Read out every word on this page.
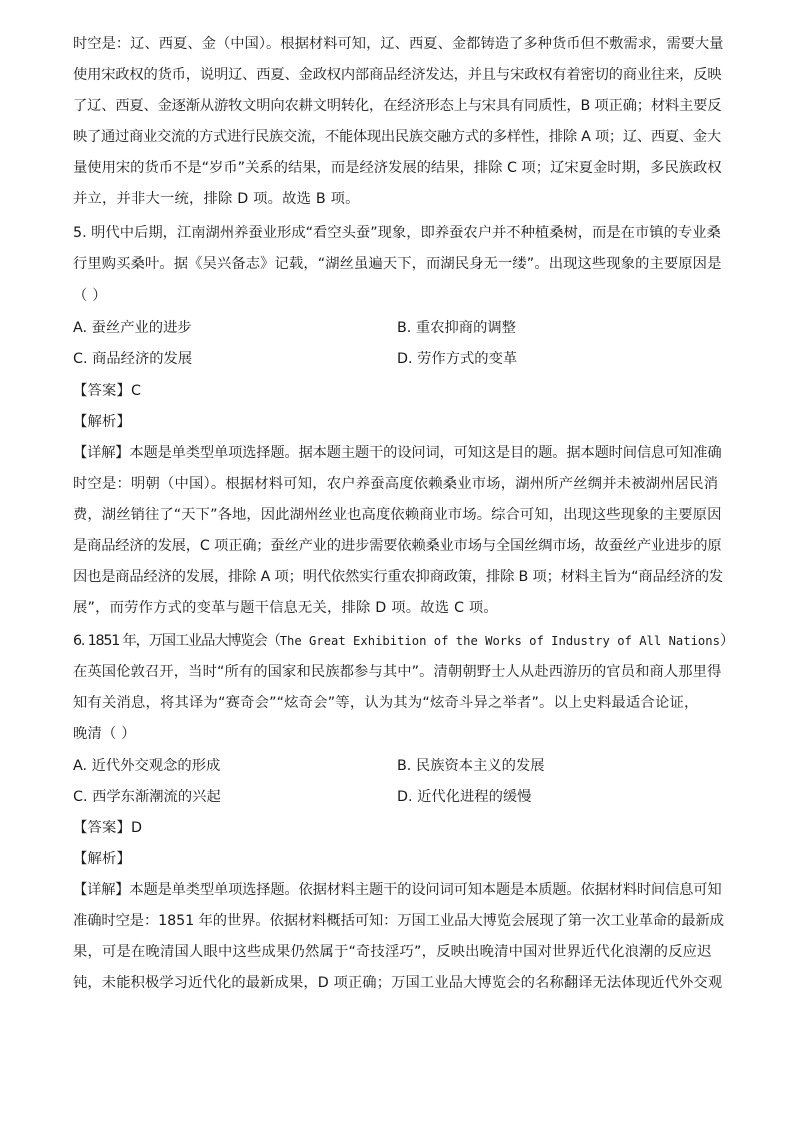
时空是：辽、西夏、金（中国）。根据材料可知，辽、西夏、金都铸造了多种货币但不敷需求，需要大量
使用宋政权的货币，说明辽、西夏、金政权内部商品经济发达，并且与宋政权有着密切的商业往来，反映
了辽、西夏、金逐渐从游牧文明向农耕文明转化，在经济形态上与宋具有同质性，B 项正确；材料主要反
映了通过商业交流的方式进行民族交流，不能体现出民族交融方式的多样性，排除 A 项；辽、西夏、金大
量使用宋的货币不是“岁币”关系的结果，而是经济发展的结果，排除 C 项；辽宋夏金时期，多民族政权
并立，并非大一统，排除 D 项。故选 B 项。
5. 明代中后期，江南湖州养蚕业形成“看空头蚕”现象，即养蚕农户并不种植桑树，而是在市镇的专业桑
行里购买桑叶。据《吴兴备志》记载，“湖丝虽遍天下，而湖民身无一缕”。出现这些现象的主要原因是
（ ）
A. 蚕丝产业的进步	B. 重农抑商的调整
C. 商品经济的发展	D. 劳作方式的变革
【答案】C
【解析】
【详解】本题是单类型单项选择题。据本题主题干的设问词，可知这是目的题。据本题时间信息可知准确
时空是：明朝（中国）。根据材料可知，农户养蚕高度依赖桑业市场，湖州所产丝绸并未被湖州居民消
费，湖丝销往了“天下”各地，因此湖州丝业也高度依赖商业市场。综合可知，出现这些现象的主要原因
是商品经济的发展，C 项正确；蚕丝产业的进步需要依赖桑业市场与全国丝绸市场，故蚕丝产业进步的原
因也是商品经济的发展，排除 A 项；明代依然实行重农抑商政策，排除 B 项；材料主旨为“商品经济的发
展”，而劳作方式的变革与题干信息无关，排除 D 项。故选 C 项。
6. 1851 年，万国工业品大博览会（The Great Exhibition of the Works of Industry of All Nations）
在英国伦敦召开，当时“所有的国家和民族都参与其中”。清朝朝野士人从赴西游历的官员和商人那里得
知有关消息，将其译为“赛奇会”“炫奇会”等，认为其为“炫奇斗异之举者”。以上史料最适合论证，
晚清（ ）
A. 近代外交观念的形成	B. 民族资本主义的发展
C. 西学东渐潮流的兴起	D. 近代化进程的缓慢
【答案】D
【解析】
【详解】本题是单类型单项选择题。依据材料主题干的设问词可知本题是本质题。依据材料时间信息可知
准确时空是：1851 年的世界。依据材料概括可知：万国工业品大博览会展现了第一次工业革命的最新成
果，可是在晚清国人眼中这些成果仍然属于“奇技淫巧”，反映出晚清中国对世界近代化浪潮的反应迟
钝，未能积极学习近代化的最新成果，D 项正确；万国工业品大博览会的名称翻译无法体现近代外交观
